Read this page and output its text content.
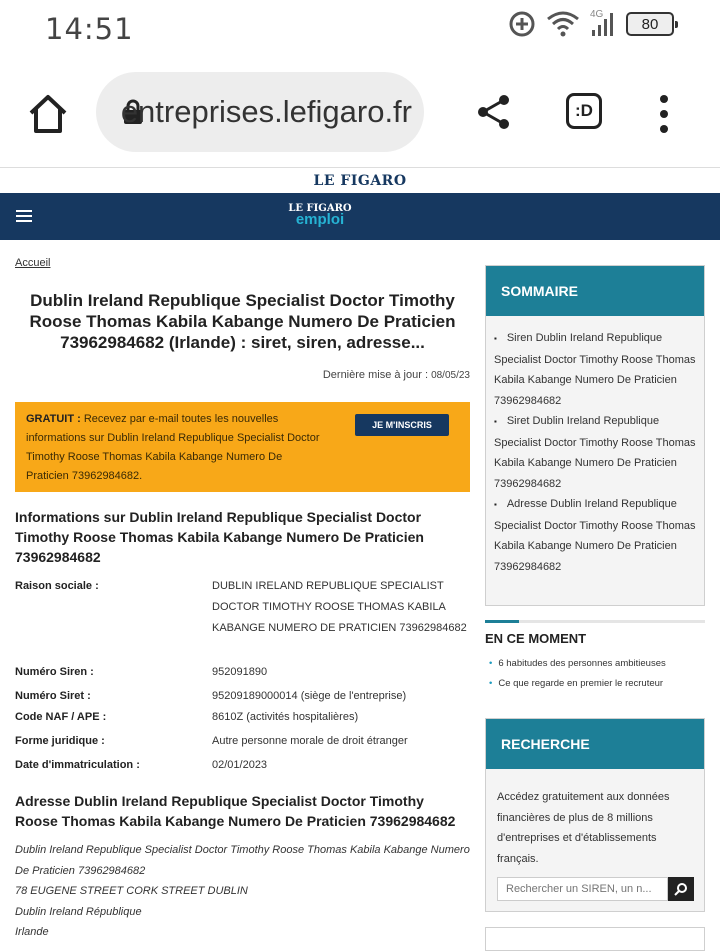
14:51	4G
80
entreprises.lefigaro.fr	:D
LE FIGARO
LE FIGARO
emploi
Accueil
Dublin Ireland Republique Specialist Doctor Timothy Roose Thomas Kabila Kabange Numero De Praticien 73962984682 (Irlande) : siret, siren, adresse...
Dernière mise à jour : 08/05/23
GRATUIT : Recevez par e-mail toutes les nouvelles informations sur Dublin Ireland Republique Specialist Doctor Timothy Roose Thomas Kabila Kabange Numero De Praticien 73962984682.
JE M'INSCRIS
Informations sur Dublin Ireland Republique Specialist Doctor Timothy Roose Thomas Kabila Kabange Numero De Praticien 73962984682
Raison sociale :	DUBLIN IRELAND REPUBLIQUE SPECIALIST DOCTOR TIMOTHY ROOSE THOMAS KABILA KABANGE NUMERO DE PRATICIEN 73962984682
Numéro Siren :	952091890
Numéro Siret :	95209189000014 (siège de l'entreprise)
Code NAF / APE :	8610Z (activités hospitalières)
Forme juridique :	Autre personne morale de droit étranger
Date d'immatriculation :	02/01/2023
Adresse Dublin Ireland Republique Specialist Doctor Timothy Roose Thomas Kabila Kabange Numero De Praticien 73962984682
Dublin Ireland Republique Specialist Doctor Timothy Roose Thomas Kabila Kabange Numero De Praticien 73962984682
78 EUGENE STREET CORK STREET DUBLIN
Dublin Ireland République
Irlande
SOMMAIRE
▪ Siren Dublin Ireland Republique Specialist Doctor Timothy Roose Thomas Kabila Kabange Numero De Praticien 73962984682
▪ Siret Dublin Ireland Republique Specialist Doctor Timothy Roose Thomas Kabila Kabange Numero De Praticien 73962984682
▪ Adresse Dublin Ireland Republique Specialist Doctor Timothy Roose Thomas Kabila Kabange Numero De Praticien 73962984682
EN CE MOMENT
• 6 habitudes des personnes ambitieuses
• Ce que regarde en premier le recruteur
RECHERCHE
Accédez gratuitement aux données financières de plus de 8 millions d'entreprises et d'établissements français.
Rechercher un SIREN, un n...
